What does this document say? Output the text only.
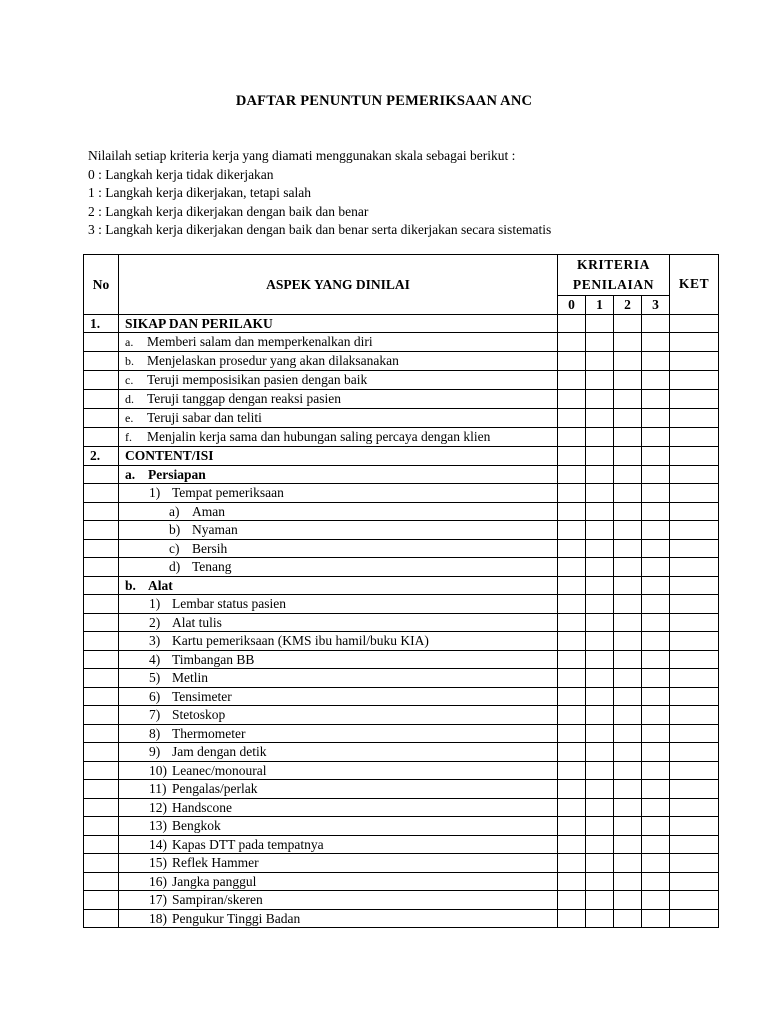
DAFTAR PENUNTUN PEMERIKSAAN ANC
Nilailah setiap kriteria kerja yang diamati menggunakan skala sebagai berikut :
0 : Langkah kerja tidak dikerjakan
1 : Langkah kerja dikerjakan, tetapi salah
2 : Langkah kerja dikerjakan dengan baik dan benar
3 : Langkah kerja dikerjakan dengan baik dan benar serta dikerjakan secara sistematis
No	ASPEK YANG DINILAI	KRITERIA PENILAIAN				KET
		0	1	2	3	
1.	SIKAP DAN PERILAKU					
	a. Memberi salam dan memperkenalkan diri					
	b. Menjelaskan prosedur yang akan dilaksanakan					
	c. Teruji memposisikan pasien dengan baik					
	d. Teruji tanggap dengan reaksi pasien					
	e. Teruji sabar dan teliti					
	f. Menjalin kerja sama dan hubungan saling percaya dengan klien					
2.	CONTENT/ISI					
	a. Persiapan					
	1) Tempat pemeriksaan					
	a) Aman					
	b) Nyaman					
	c) Bersih					
	d) Tenang					
	b. Alat					
	1) Lembar status pasien					
	2) Alat tulis					
	3) Kartu pemeriksaan (KMS ibu hamil/buku KIA)					
	4) Timbangan BB					
	5) Metlin					
	6) Tensimeter					
	7) Stetoskop					
	8) Thermometer					
	9) Jam dengan detik					
	10) Leanec/monoural					
	11) Pengalas/perlak					
	12) Handscone					
	13) Bengkok					
	14) Kapas DTT pada tempatnya					
	15) Reflek Hammer					
	16) Jangka panggul					
	17) Sampiran/skeren					
	18) Pengukur Tinggi Badan					
